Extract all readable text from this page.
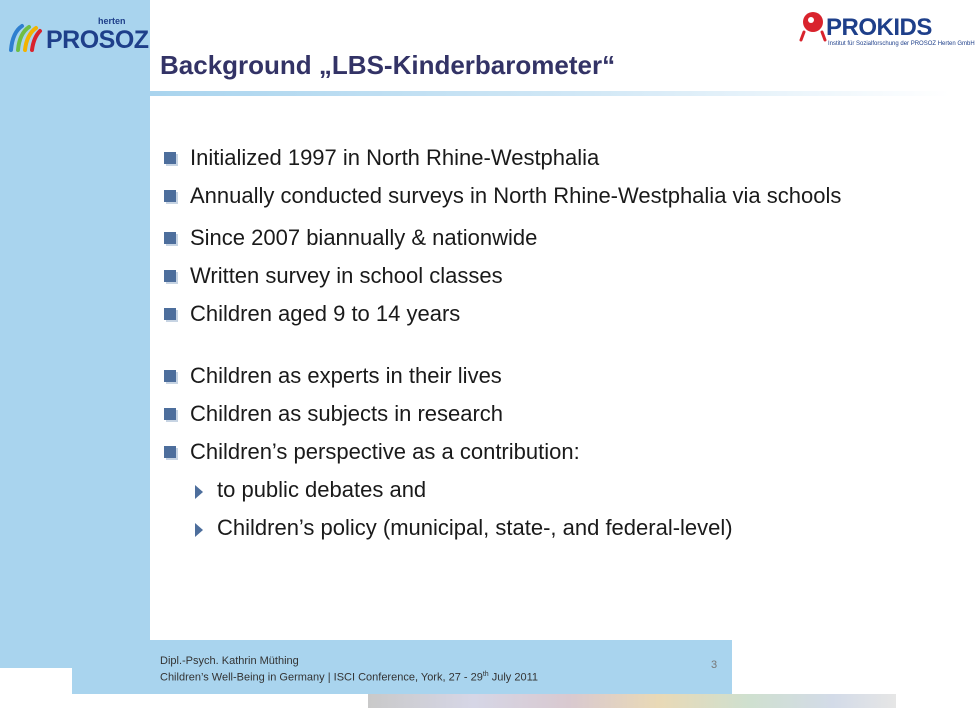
herten
PROSOZ	PROKIDS
Institut für Sozialforschung der PROSOZ Herten GmbH
Background „LBS-Kinderbarometer“
Initialized 1997 in North Rhine-Westphalia
Annually conducted surveys in North Rhine-Westphalia via schools
Since 2007 biannually & nationwide
Written survey in school classes
Children aged 9 to 14 years
Children as experts in their lives
Children as subjects in research
Children’s perspective as a contribution:
to public debates and
Children’s policy (municipal, state-, and federal-level)
Dipl.-Psych. Kathrin Müthing
Children’s Well-Being in Germany | ISCI Conference, York, 27 - 29th July 2011
3
